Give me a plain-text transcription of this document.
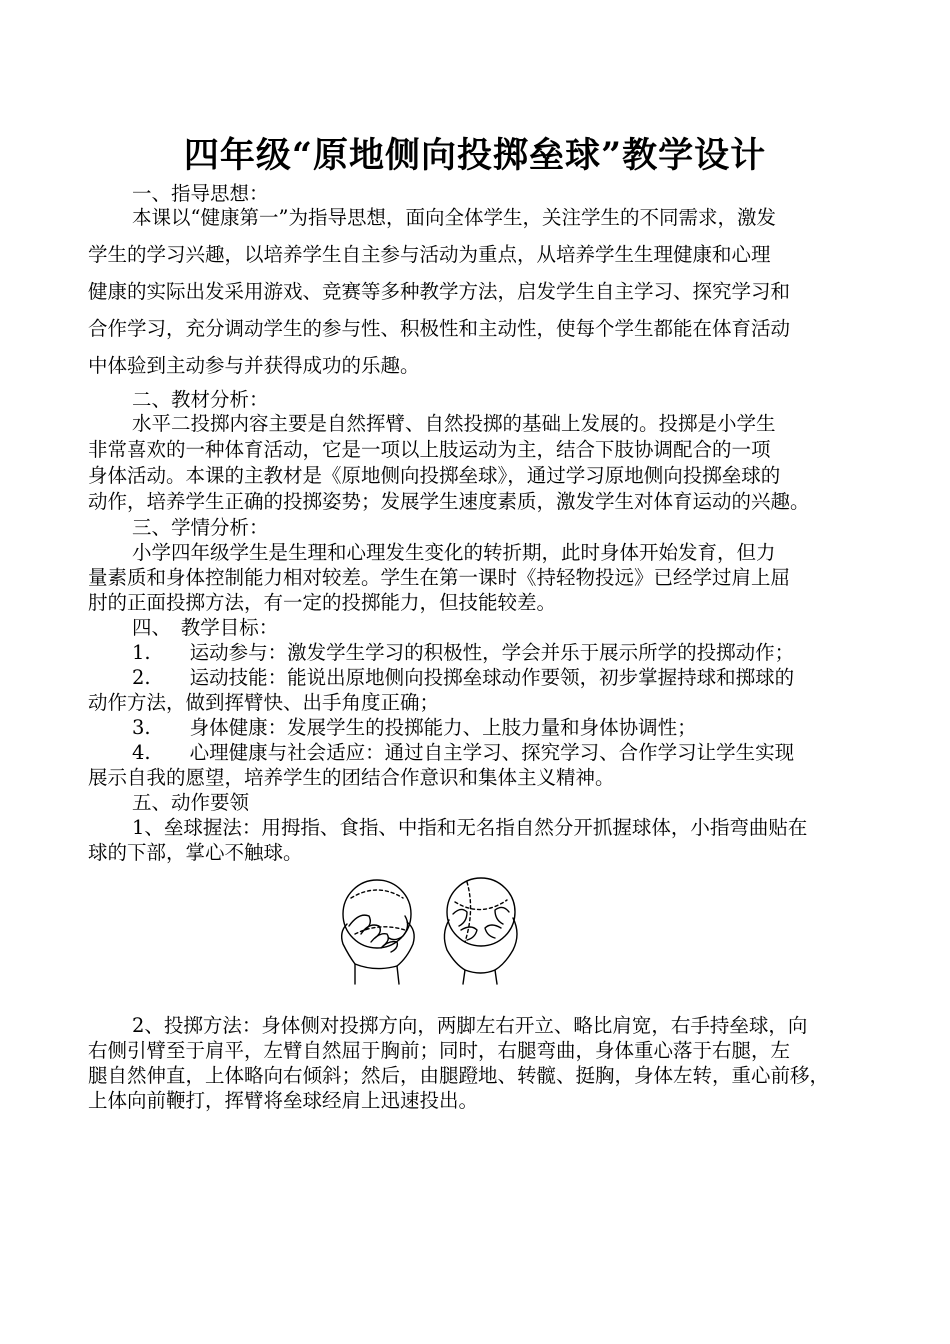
四年级“原地侧向投掷垒球”教学设计
一、指导思想：
本课以“健康第一”为指导思想，面向全体学生，关注学生的不同需求，激发
学生的学习兴趣，以培养学生自主参与活动为重点，从培养学生生理健康和心理
健康的实际出发采用游戏、竞赛等多种教学方法，启发学生自主学习、探究学习和
合作学习，充分调动学生的参与性、积极性和主动性，使每个学生都能在体育活动
中体验到主动参与并获得成功的乐趣。
二、教材分析：
水平二投掷内容主要是自然挥臂、自然投掷的基础上发展的。投掷是小学生
非常喜欢的一种体育活动，它是一项以上肢运动为主，结合下肢协调配合的一项
身体活动。本课的主教材是《原地侧向投掷垒球》，通过学习原地侧向投掷垒球的
动作，培养学生正确的投掷姿势；发展学生速度素质，激发学生对体育运动的兴趣。
三、学情分析：
小学四年级学生是生理和心理发生变化的转折期，此时身体开始发育，但力
量素质和身体控制能力相对较差。学生在第一课时《持轻物投远》已经学过肩上屈
肘的正面投掷方法，有一定的投掷能力，但技能较差。
四、　教学目标：
1.　　运动参与：激发学生学习的积极性，学会并乐于展示所学的投掷动作；
2.　　运动技能：能说出原地侧向投掷垒球动作要领，初步掌握持球和掷球的
动作方法，做到挥臂快、出手角度正确；
3.　　身体健康：发展学生的投掷能力、上肢力量和身体协调性；
4.　　心理健康与社会适应：通过自主学习、探究学习、合作学习让学生实现
展示自我的愿望，培养学生的团结合作意识和集体主义精神。
五、动作要领
1、垒球握法：用拇指、食指、中指和无名指自然分开抓握球体，小指弯曲贴在
球的下部，掌心不触球。
2、投掷方法：身体侧对投掷方向，两脚左右开立、略比肩宽，右手持垒球，向
右侧引臂至于肩平，左臂自然屈于胸前；同时，右腿弯曲，身体重心落于右腿，左
腿自然伸直，上体略向右倾斜；然后，由腿蹬地、转髋、挺胸，身体左转，重心前移，
上体向前鞭打，挥臂将垒球经肩上迅速投出。
